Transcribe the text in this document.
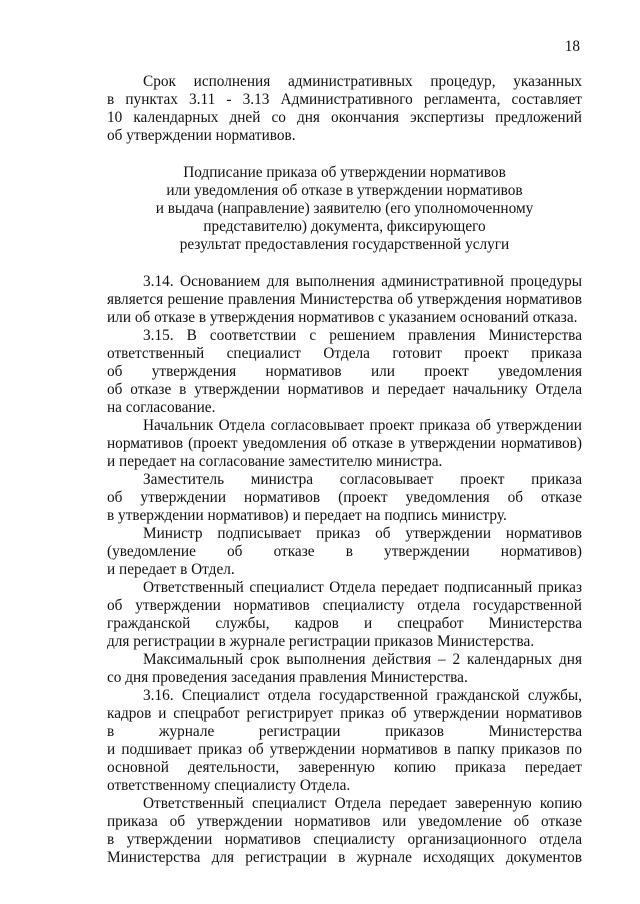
18
Срок исполнения административных процедур, указанных
в пунктах 3.11 - 3.13 Административного регламента, составляет
10 календарных дней со дня окончания экспертизы предложений
об утверждении нормативов.
Подписание приказа об утверждении нормативов
или уведомления об отказе в утверждении нормативов
и выдача (направление) заявителю (его уполномоченному
представителю) документа, фиксирующего
результат предоставления государственной услуги
3.14. Основанием для выполнения административной процедуры
является решение правления Министерства об утверждения нормативов
или об отказе в утверждения нормативов с указанием оснований отказа.
3.15. В соответствии с решением правления Министерства
ответственный специалист Отдела готовит проект приказа
об утверждения нормативов или проект уведомления
об отказе в утверждении нормативов и передает начальнику Отдела
на согласование.
Начальник Отдела согласовывает проект приказа об утверждении
нормативов (проект уведомления об отказе в утверждении нормативов)
и передает на согласование заместителю министра.
Заместитель министра согласовывает проект приказа
об утверждении нормативов (проект уведомления об отказе
в утверждении нормативов) и передает на подпись министру.
Министр подписывает приказ об утверждении нормативов
(уведомление об отказе в утверждении нормативов)
и передает в Отдел.
Ответственный специалист Отдела передает подписанный приказ
об утверждении нормативов специалисту отдела государственной
гражданской службы, кадров и спецработ Министерства
для регистрации в журнале регистрации приказов Министерства.
Максимальный срок выполнения действия – 2 календарных дня
со дня проведения заседания правления Министерства.
3.16. Специалист отдела государственной гражданской службы,
кадров и спецработ регистрирует приказ об утверждении нормативов
в журнале регистрации приказов Министерства
и подшивает приказ об утверждении нормативов в папку приказов по
основной деятельности, заверенную копию приказа передает
ответственному специалисту Отдела.
Ответственный специалист Отдела передает заверенную копию
приказа об утверждении нормативов или уведомление об отказе
в утверждении нормативов специалисту организационного отдела
Министерства для регистрации в журнале исходящих документов
